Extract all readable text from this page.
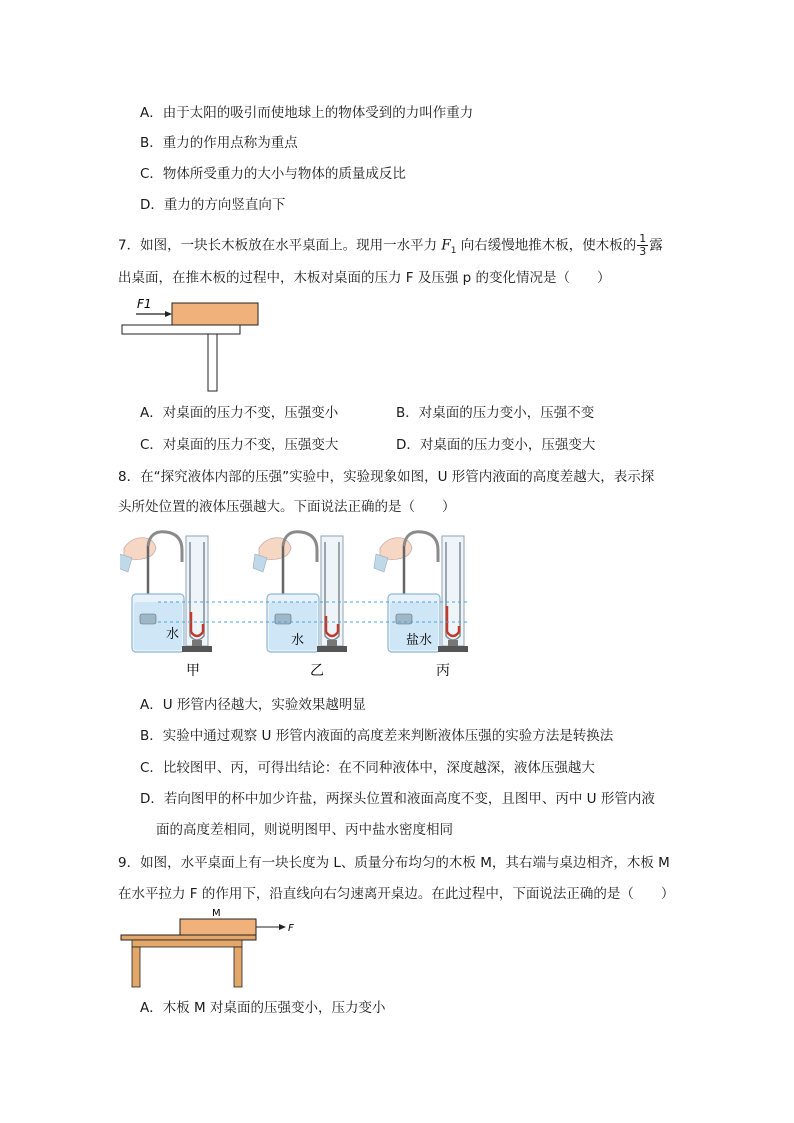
A．由于太阳的吸引而使地球上的物体受到的力叫作重力
B．重力的作用点称为重点
C．物体所受重力的大小与物体的质量成反比
D．重力的方向竖直向下
7．如图，一块长木板放在水平桌面上。现用一水平力 $F_1$ 向右缓慢地推木板，使木板的 $\frac{1}{3}$ 露
出桌面，在推木板的过程中，木板对桌面的压力 F 及压强 p 的变化情况是（　　）
F1
A．对桌面的压力不变，压强变小	B．对桌面的压力变小，压强不变
C．对桌面的压力不变，压强变大	D．对桌面的压力变小，压强变大
8．在“探究液体内部的压强”实验中，实验现象如图，U 形管内液面的高度差越大，表示探
头所处位置的液体压强越大。下面说法正确的是（　　）
水	水	盐水
甲	乙	丙
A．U 形管内径越大，实验效果越明显
B．实验中通过观察 U 形管内液面的高度差来判断液体压强的实验方法是转换法
C．比较图甲、丙，可得出结论：在不同种液体中，深度越深，液体压强越大
D．若向图甲的杯中加少许盐，两探头位置和液面高度不变，且图甲、丙中 U 形管内液
面的高度差相同，则说明图甲、丙中盐水密度相同
9．如图，水平桌面上有一块长度为 L、质量分布均匀的木板 M，其右端与桌边相齐，木板 M
在水平拉力 F 的作用下，沿直线向右匀速离开桌边。在此过程中，下面说法正确的是（　　）
M
F
A．木板 M 对桌面的压强变小，压力变小
